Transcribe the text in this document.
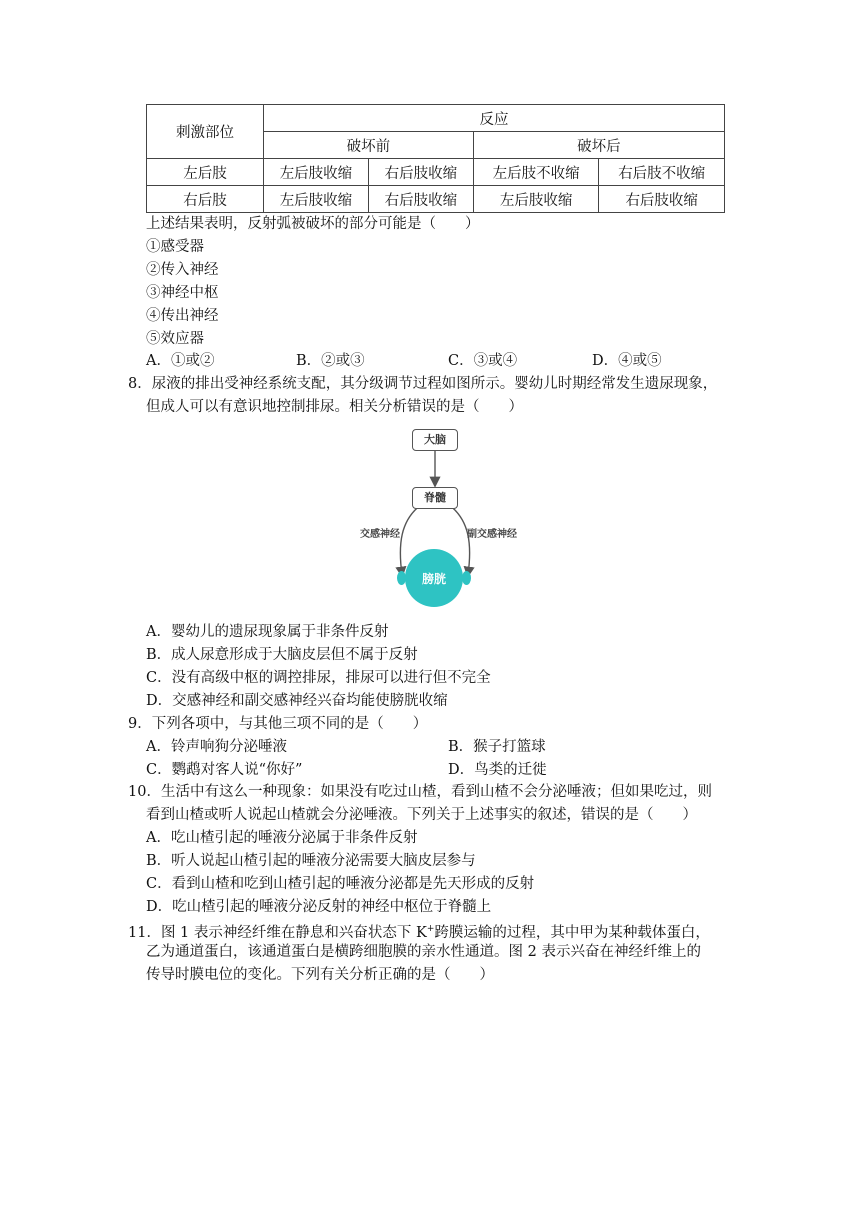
刺激部位	反应			
	破坏前		破坏后	
左后肢	左后肢收缩	右后肢收缩	左后肢不收缩	右后肢不收缩
右后肢	左后肢收缩	右后肢收缩	左后肢收缩	右后肢收缩
上述结果表明，反射弧被破坏的部分可能是（　　）
①感受器
②传入神经
③神经中枢
④传出神经
⑤效应器
A．①或②	B．②或③	C．③或④	D．④或⑤
8．尿液的排出受神经系统支配，其分级调节过程如图所示。婴幼儿时期经常发生遗尿现象，
但成人可以有意识地控制排尿。相关分析错误的是（　　）
大脑
脊髓
交感神经	副交感神经
膀胱
A．婴幼儿的遗尿现象属于非条件反射
B．成人尿意形成于大脑皮层但不属于反射
C．没有高级中枢的调控排尿，排尿可以进行但不完全
D．交感神经和副交感神经兴奋均能使膀胱收缩
9．下列各项中，与其他三项不同的是（　　）
A．铃声响狗分泌唾液	B．猴子打篮球
C．鹦鹉对客人说“你好”	D．鸟类的迁徙
10．生活中有这么一种现象：如果没有吃过山楂，看到山楂不会分泌唾液；但如果吃过，则
看到山楂或听人说起山楂就会分泌唾液。下列关于上述事实的叙述，错误的是（　　）
A．吃山楂引起的唾液分泌属于非条件反射
B．听人说起山楂引起的唾液分泌需要大脑皮层参与
C．看到山楂和吃到山楂引起的唾液分泌都是先天形成的反射
D．吃山楂引起的唾液分泌反射的神经中枢位于脊髓上
11．图 1 表示神经纤维在静息和兴奋状态下 K+跨膜运输的过程，其中甲为某种载体蛋白，
乙为通道蛋白，该通道蛋白是横跨细胞膜的亲水性通道。图 2 表示兴奋在神经纤维上的
传导时膜电位的变化。下列有关分析正确的是（　　）
